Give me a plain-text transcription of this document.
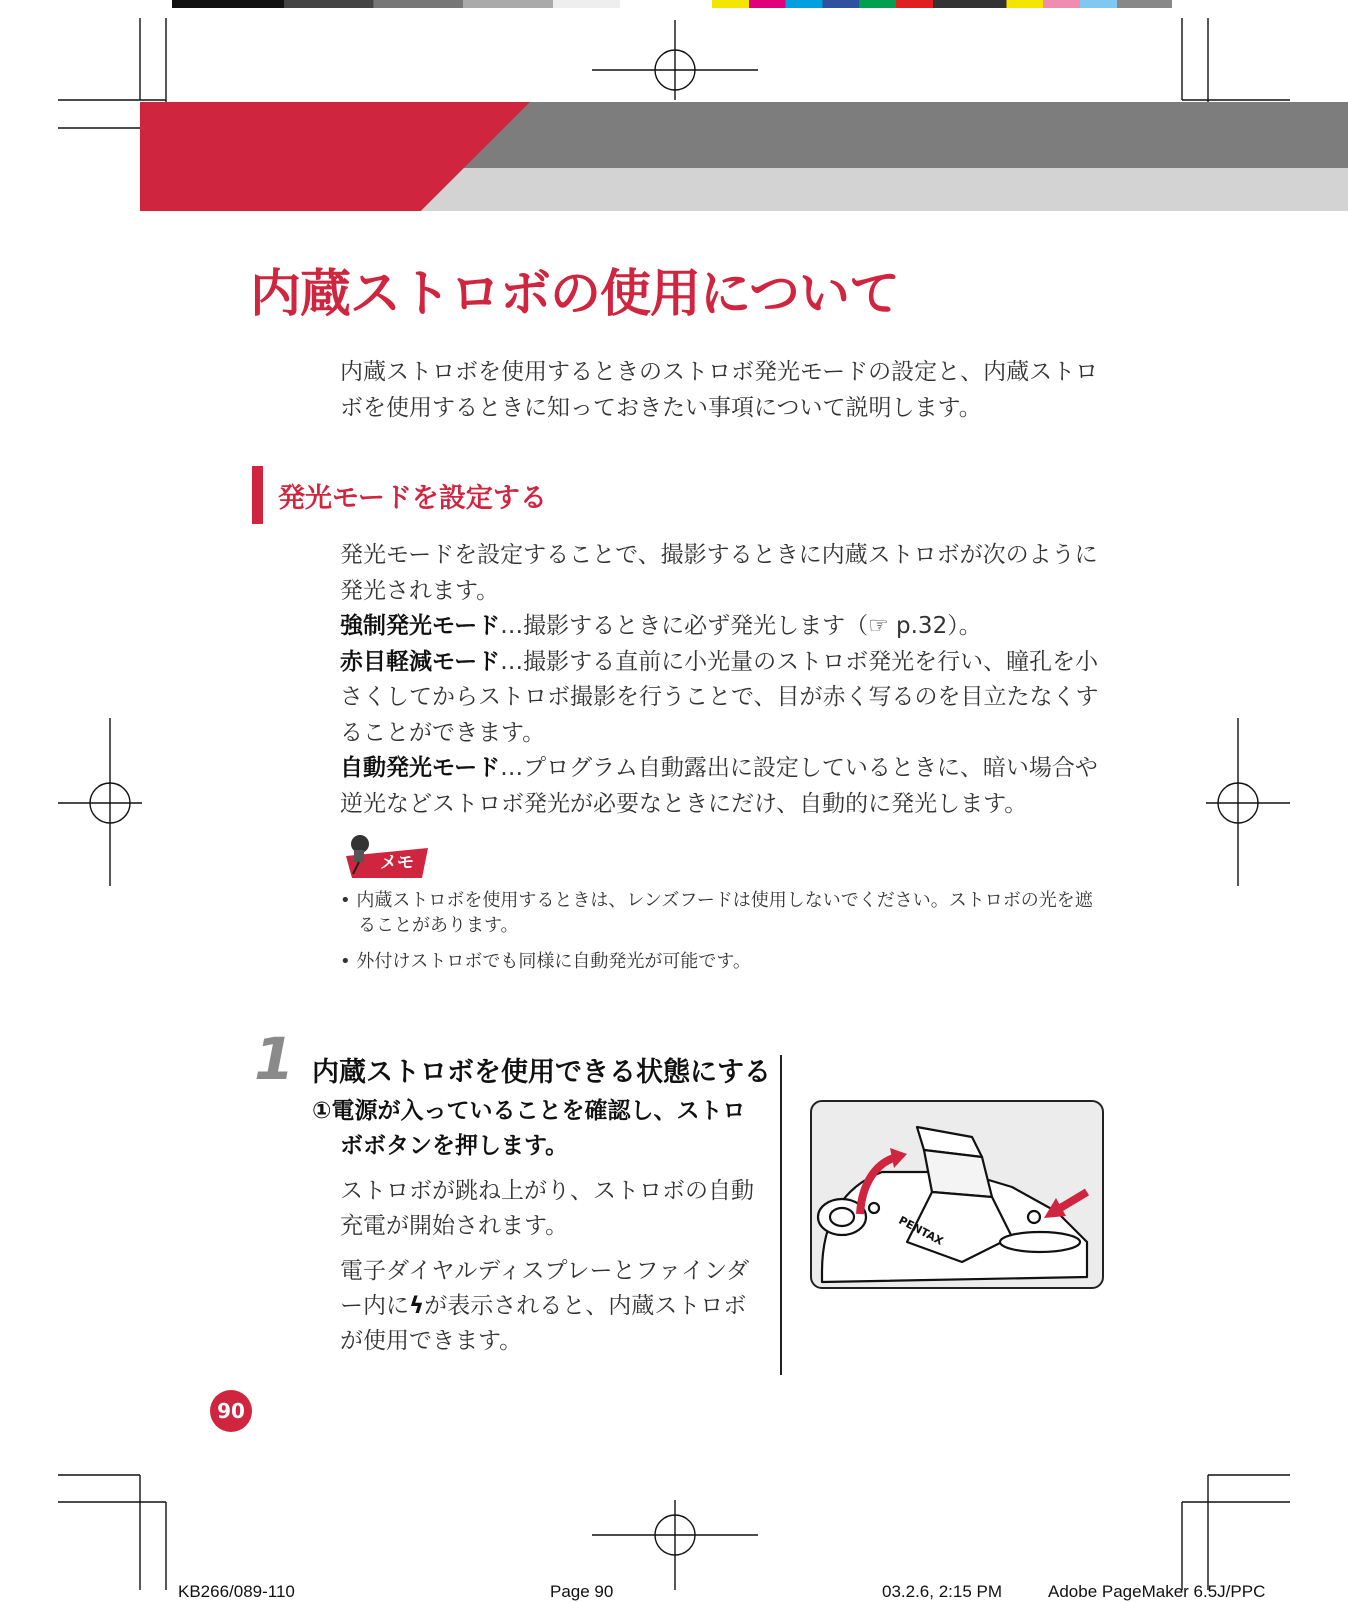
内蔵ストロボの使用について

内蔵ストロボを使用するときのストロボ発光モードの設定と、内蔵ストロボを使用するときに知っておきたい事項について説明します。

発光モードを設定する

発光モードを設定することで、撮影するときに内蔵ストロボが次のように発光されます。

強制発光モード…撮影するときに必ず発光します（☞ p.32）。

赤目軽減モード…撮影する直前に小光量のストロボ発光を行い、瞳孔を小さくしてからストロボ撮影を行うことで、目が赤く写るのを目立たなくすることができます。

自動発光モード…プログラム自動露出に設定しているときに、暗い場合や逆光などストロボ発光が必要なときにだけ、自動的に発光します。

メモ
• 内蔵ストロボを使用するときは、レンズフードは使用しないでください。ストロボの光を遮ることがあります。
• 外付けストロボでも同様に自動発光が可能です。
1 内蔵ストロボを使用できる状態にする

①電源が入っていることを確認し、ストロボボタンを押します。

ストロボが跳ね上がり、ストロボの自動充電が開始されます。

電子ダイヤルディスプレーとファインダー内にϟが表示されると、内蔵ストロボが使用できます。

PENTAX
90
KB266/089-110	Page 90	03.2.6, 2:15 PM	Adobe PageMaker 6.5J/PPC
